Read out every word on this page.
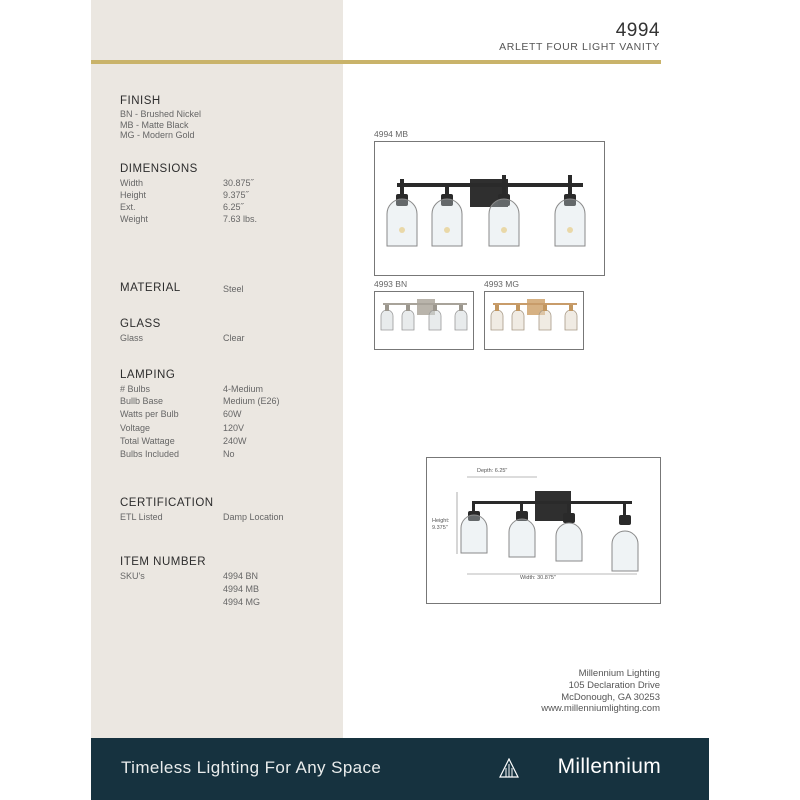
4994
ARLETT FOUR LIGHT VANITY
FINISH
BN - Brushed Nickel
MB - Matte Black
MG - Modern Gold
DIMENSIONS
Width	30.875˝
Height	9.375˝
Ext.	6.25˝
Weight	7.63 lbs.
MATERIAL	Steel
GLASS
Glass	Clear
LAMPING
# Bulbs	4-Medium
Bullb Base	Medium (E26)
Watts per Bulb	60W
Voltage	120V
Total Wattage	240W
Bulbs Included	No
CERTIFICATION
ETL Listed	Damp Location
ITEM NUMBER
SKU's	4994 BN
4994 MB
4994 MG
4994 MB
4993 BN	4993 MG
Depth: 6.25"
Height:
9.375"
Width: 30.875"
Millennium Lighting
105 Declaration Drive
McDonough, GA 30253
www.millenniumlighting.com
Timeless Lighting For Any Space	Millennium
